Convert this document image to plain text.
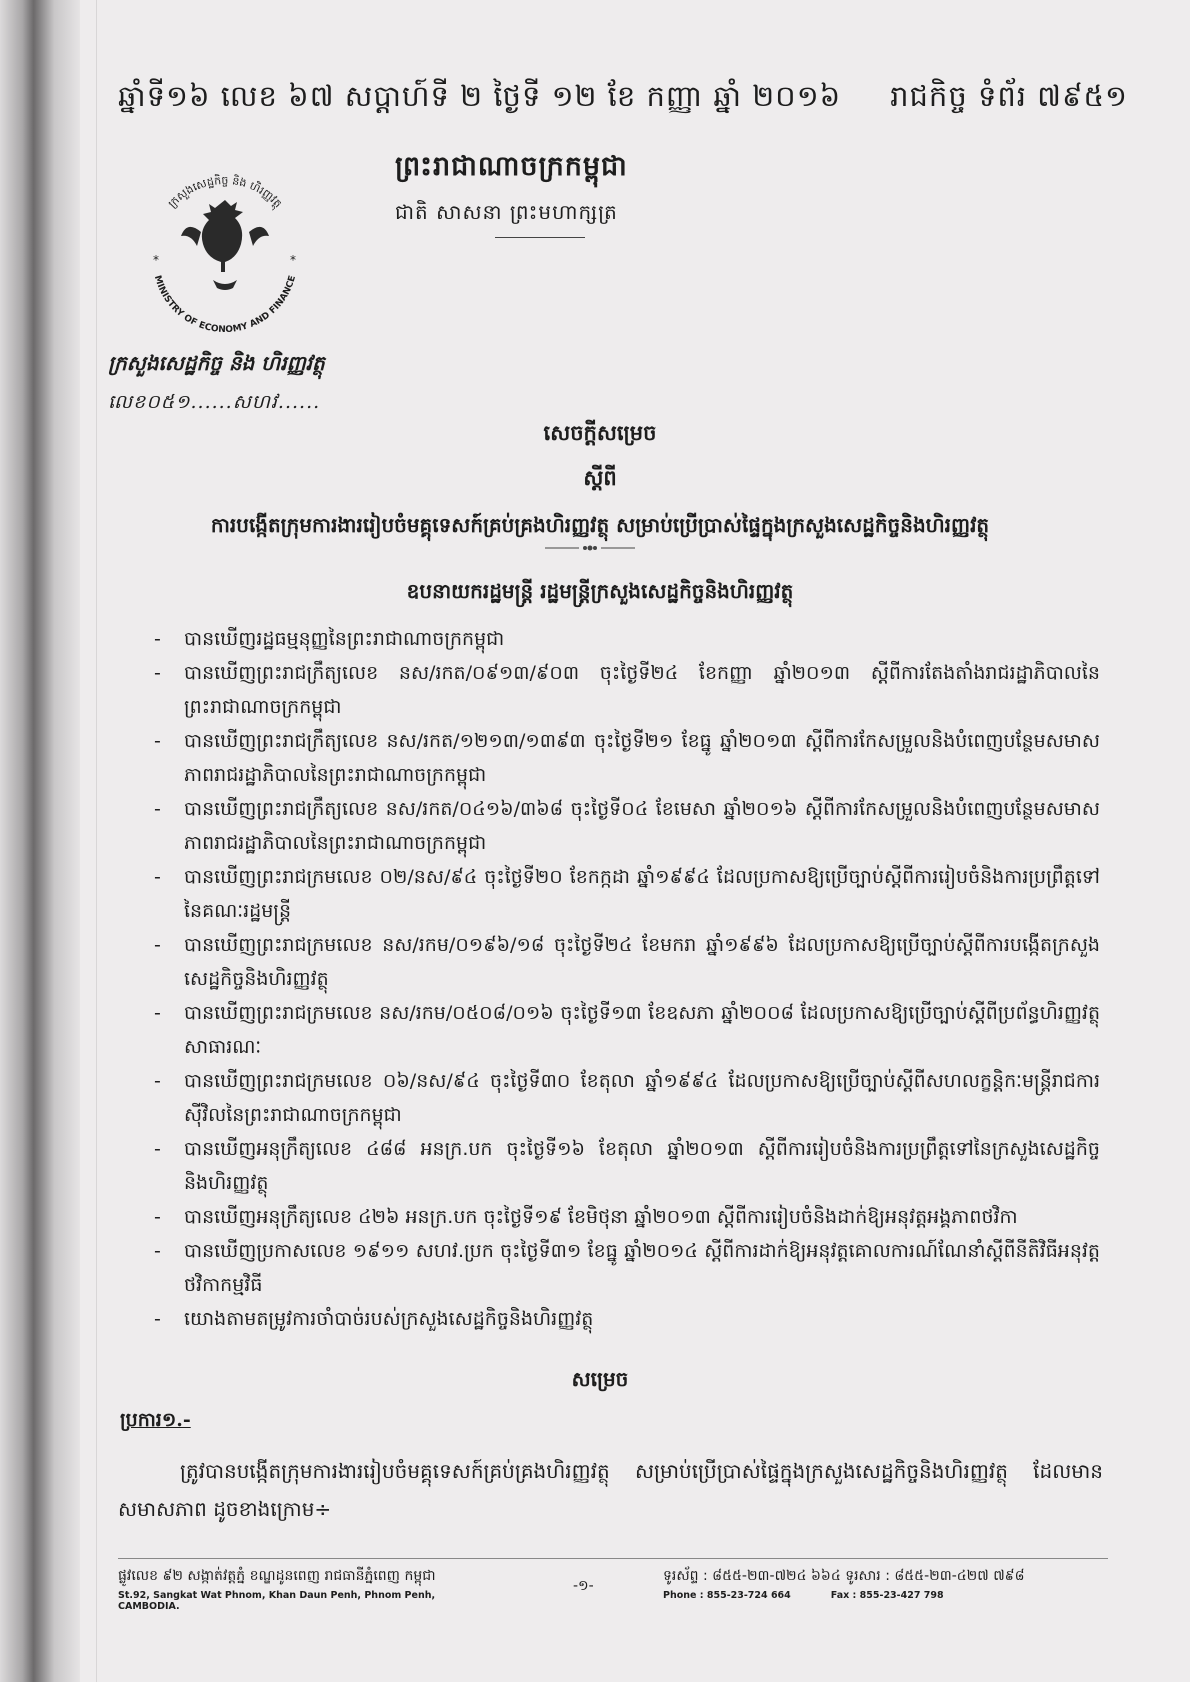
ឆ្នាំទី១៦ លេខ ៦៧ សប្ដាហ៍ទី ២ ថ្ងៃទី ១២ ខែ កញ្ញា ឆ្នាំ ២០១៦ រាជកិច្ច ទំព័រ ៧៩៥១
ព្រះរាជាណាចក្រកម្ពុជា
ជាតិ សាសនា ព្រះមហាក្សត្រ
ក្រសួងសេដ្ឋកិច្ច និង ហិរញ្ញវត្ថុ
MINISTRY OF ECONOMY AND FINANCE
*	*
ក្រសួងសេដ្ឋកិច្ច និង ហិរញ្ញវត្ថុ
លេខ០៥១......សហវ......
សេចក្ដីសម្រេច
ស្ដីពី
ការបង្កើតក្រុមការងាររៀបចំមគ្គុទេសក៍គ្រប់គ្រងហិរញ្ញវត្ថុ សម្រាប់ប្រើប្រាស់ផ្ទៃក្នុងក្រសួងសេដ្ឋកិច្ចនិងហិរញ្ញវត្ថុ
ឧបនាយករដ្ឋមន្ត្រី រដ្ឋមន្ត្រីក្រសួងសេដ្ឋកិច្ចនិងហិរញ្ញវត្ថុ
- បានឃើញរដ្ឋធម្មនុញ្ញនៃព្រះរាជាណាចក្រកម្ពុជា
- បានឃើញព្រះរាជក្រឹត្យលេខ នស/រកត/០៩១៣/៩០៣ ចុះថ្ងៃទី២៤ ខែកញ្ញា ឆ្នាំ២០១៣ ស្ដីពីការតែងតាំងរាជរដ្ឋាភិបាលនៃព្រះរាជាណាចក្រកម្ពុជា
- បានឃើញព្រះរាជក្រឹត្យលេខ នស/រកត/១២១៣/១៣៩៣ ចុះថ្ងៃទី២១ ខែធ្នូ ឆ្នាំ២០១៣ ស្ដីពីការកែសម្រួលនិងបំពេញបន្ថែមសមាសភាពរាជរដ្ឋាភិបាលនៃព្រះរាជាណាចក្រកម្ពុជា
- បានឃើញព្រះរាជក្រឹត្យលេខ នស/រកត/០៤១៦/៣៦៨ ចុះថ្ងៃទី០៤ ខែមេសា ឆ្នាំ២០១៦ ស្ដីពីការកែសម្រួលនិងបំពេញបន្ថែមសមាសភាពរាជរដ្ឋាភិបាលនៃព្រះរាជាណាចក្រកម្ពុជា
- បានឃើញព្រះរាជក្រមលេខ ០២/នស/៩៤ ចុះថ្ងៃទី២០ ខែកក្កដា ឆ្នាំ១៩៩៤ ដែលប្រកាសឱ្យប្រើច្បាប់ស្ដីពីការរៀបចំនិងការប្រព្រឹត្តទៅនៃគណៈរដ្ឋមន្ត្រី
- បានឃើញព្រះរាជក្រមលេខ នស/រកម/០១៩៦/១៨ ចុះថ្ងៃទី២៤ ខែមករា ឆ្នាំ១៩៩៦ ដែលប្រកាសឱ្យប្រើច្បាប់ស្ដីពីការបង្កើតក្រសួងសេដ្ឋកិច្ចនិងហិរញ្ញវត្ថុ
- បានឃើញព្រះរាជក្រមលេខ នស/រកម/០៥០៨/០១៦ ចុះថ្ងៃទី១៣ ខែឧសភា ឆ្នាំ២០០៨ ដែលប្រកាសឱ្យប្រើច្បាប់ស្ដីពីប្រព័ន្ធហិរញ្ញវត្ថុសាធារណៈ
- បានឃើញព្រះរាជក្រមលេខ ០៦/នស/៩៤ ចុះថ្ងៃទី៣០ ខែតុលា ឆ្នាំ១៩៩៤ ដែលប្រកាសឱ្យប្រើច្បាប់ស្ដីពីសហលក្ខន្តិកៈមន្ត្រីរាជការស៊ីវិលនៃព្រះរាជាណាចក្រកម្ពុជា
- បានឃើញអនុក្រឹត្យលេខ ៤៨៨ អនក្រ.បក ចុះថ្ងៃទី១៦ ខែតុលា ឆ្នាំ២០១៣ ស្ដីពីការរៀបចំនិងការប្រព្រឹត្តទៅនៃក្រសួងសេដ្ឋកិច្ចនិងហិរញ្ញវត្ថុ
- បានឃើញអនុក្រឹត្យលេខ ៤២៦ អនក្រ.បក ចុះថ្ងៃទី១៩ ខែមិថុនា ឆ្នាំ២០១៣ ស្ដីពីការរៀបចំនិងដាក់ឱ្យអនុវត្តអង្គភាពថវិកា
- បានឃើញប្រកាសលេខ ១៩១១ សហវ.ប្រក ចុះថ្ងៃទី៣១ ខែធ្នូ ឆ្នាំ២០១៤ ស្ដីពីការដាក់ឱ្យអនុវត្តគោលការណ៍ណែនាំស្ដីពីនីតិវិធីអនុវត្តថវិកាកម្មវិធី
- យោងតាមតម្រូវការចាំបាច់របស់ក្រសួងសេដ្ឋកិច្ចនិងហិរញ្ញវត្ថុ
សម្រេច
ប្រការ១.-
ត្រូវបានបង្កើតក្រុមការងាររៀបចំមគ្គុទេសក៍គ្រប់គ្រងហិរញ្ញវត្ថុ សម្រាប់ប្រើប្រាស់ផ្ទៃក្នុងក្រសួងសេដ្ឋកិច្ចនិងហិរញ្ញវត្ថុ ដែលមានសមាសភាព ដូចខាងក្រោម÷
ផ្លូវលេខ ៩២ សង្កាត់វត្តភ្នំ ខណ្ឌដូនពេញ រាជធានីភ្នំពេញ កម្ពុជា
St.92, Sangkat Wat Phnom, Khan Daun Penh, Phnom Penh, CAMBODIA.
-១-
ទូរស័ព្ទ : ៨៥៥-២៣-៧២៤ ៦៦៤ ទូរសារ : ៨៥៥-២៣-៤២៧ ៧៩៨
Phone : 855-23-724 664	Fax : 855-23-427 798
